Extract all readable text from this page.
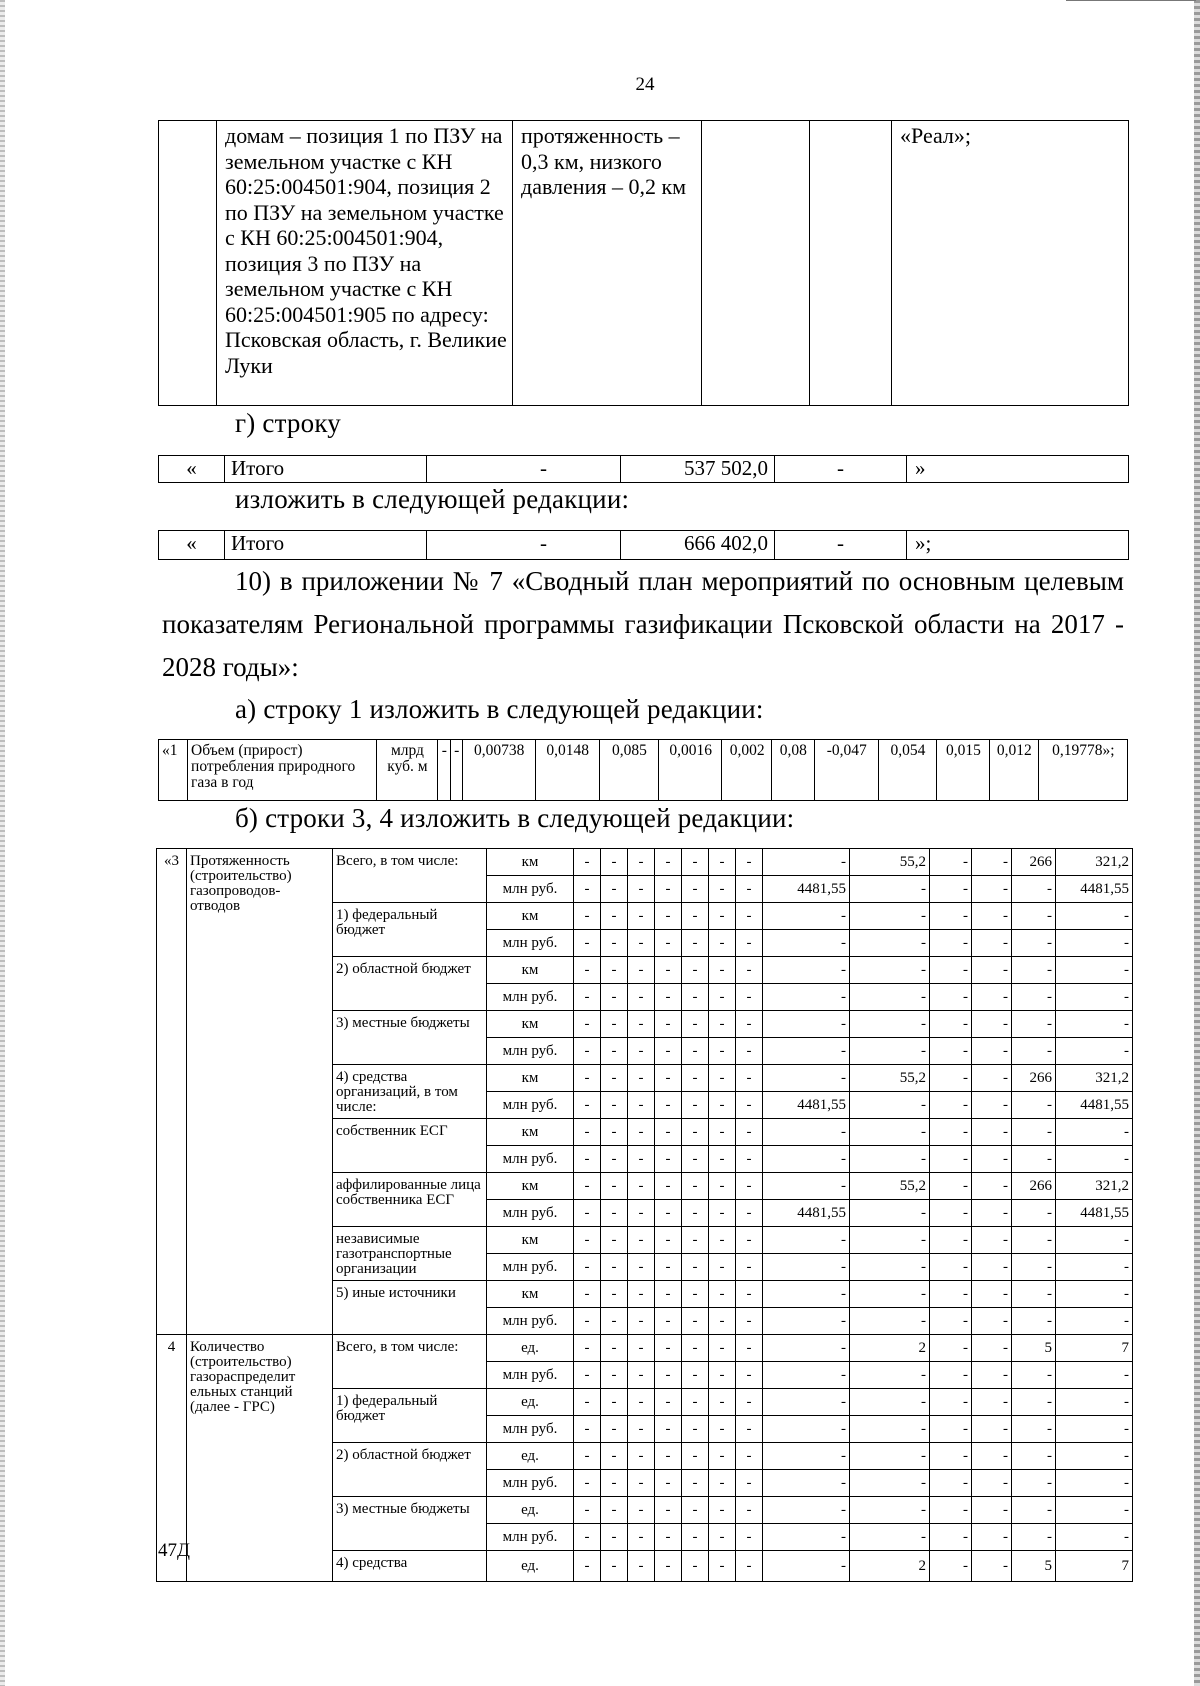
24
	домам – позиция 1 по ПЗУ на земельном участке с КН 60:25:004501:904, позиция 2 по ПЗУ на земельном участке с КН 60:25:004501:904, позиция 3 по ПЗУ на земельном участке с КН 60:25:004501:905 по адресу: Псковская область, г. Великие Луки	протяженность – 0,3 км, низкого давления – 0,2 км			«Реал»;
г) строку
«	Итого	-	537 502,0	-	»
изложить в следующей редакции:
«	Итого	-	666 402,0	-	»;
10) в приложении № 7 «Сводный план мероприятий по основным целевым показателям Региональной программы газификации Псковской области на 2017 - 2028 годы»:
а) строку 1 изложить в следующей редакции:
«1	Объем (прирост) потребления природного газа в год	млрд куб. м	-	-	0,00738	0,0148	0,085	0,0016	0,002	0,08	-0,047	0,054	0,015	0,012	0,19778»;
б) строки 3, 4 изложить в следующей редакции:
«3	Протяженность (строительство) газопроводов-отводов	Всего, в том числе:	км	-	-	-	-	-	-	-	-	55,2	-	-	266	321,2
			млн руб.	-	-	-	-	-	-	-	4481,55	-	-	-	-	4481,55
		1) федеральный бюджет	км	-	-	-	-	-	-	-	-	-	-	-	-	-
			млн руб.	-	-	-	-	-	-	-	-	-	-	-	-	-
		2) областной бюджет	км	-	-	-	-	-	-	-	-	-	-	-	-	-
			млн руб.	-	-	-	-	-	-	-	-	-	-	-	-	-
		3) местные бюджеты	км	-	-	-	-	-	-	-	-	-	-	-	-	-
			млн руб.	-	-	-	-	-	-	-	-	-	-	-	-	-
		4) средства организаций, в том числе:	км	-	-	-	-	-	-	-	-	55,2	-	-	266	321,2
			млн руб.	-	-	-	-	-	-	-	4481,55	-	-	-	-	4481,55
		собственник ЕСГ	км	-	-	-	-	-	-	-	-	-	-	-	-	-
			млн руб.	-	-	-	-	-	-	-	-	-	-	-	-	-
		аффилированные лица собственника ЕСГ	км	-	-	-	-	-	-	-	-	55,2	-	-	266	321,2
			млн руб.	-	-	-	-	-	-	-	4481,55	-	-	-	-	4481,55
		независимые газотранспортные организации	км	-	-	-	-	-	-	-	-	-	-	-	-	-
			млн руб.	-	-	-	-	-	-	-	-	-	-	-	-	-
		5) иные источники	км	-	-	-	-	-	-	-	-	-	-	-	-	-
			млн руб.	-	-	-	-	-	-	-	-	-	-	-	-	-
4	Количество (строительство) газораспределит ельных станций (далее - ГРС)	Всего, в том числе:	ед.	-	-	-	-	-	-	-	-	2	-	-	5	7
			млн руб.	-	-	-	-	-	-	-	-	-	-	-	-	-
		1) федеральный бюджет	ед.	-	-	-	-	-	-	-	-	-	-	-	-	-
			млн руб.	-	-	-	-	-	-	-	-	-	-	-	-	-
		2) областной бюджет	ед.	-	-	-	-	-	-	-	-	-	-	-	-	-
			млн руб.	-	-	-	-	-	-	-	-	-	-	-	-	-
		3) местные бюджеты	ед.	-	-	-	-	-	-	-	-	-	-	-	-	-
			млн руб.	-	-	-	-	-	-	-	-	-	-	-	-	-
		4) средства	ед.	-	-	-	-	-	-	-	-	2	-	-	5	7
47Д
